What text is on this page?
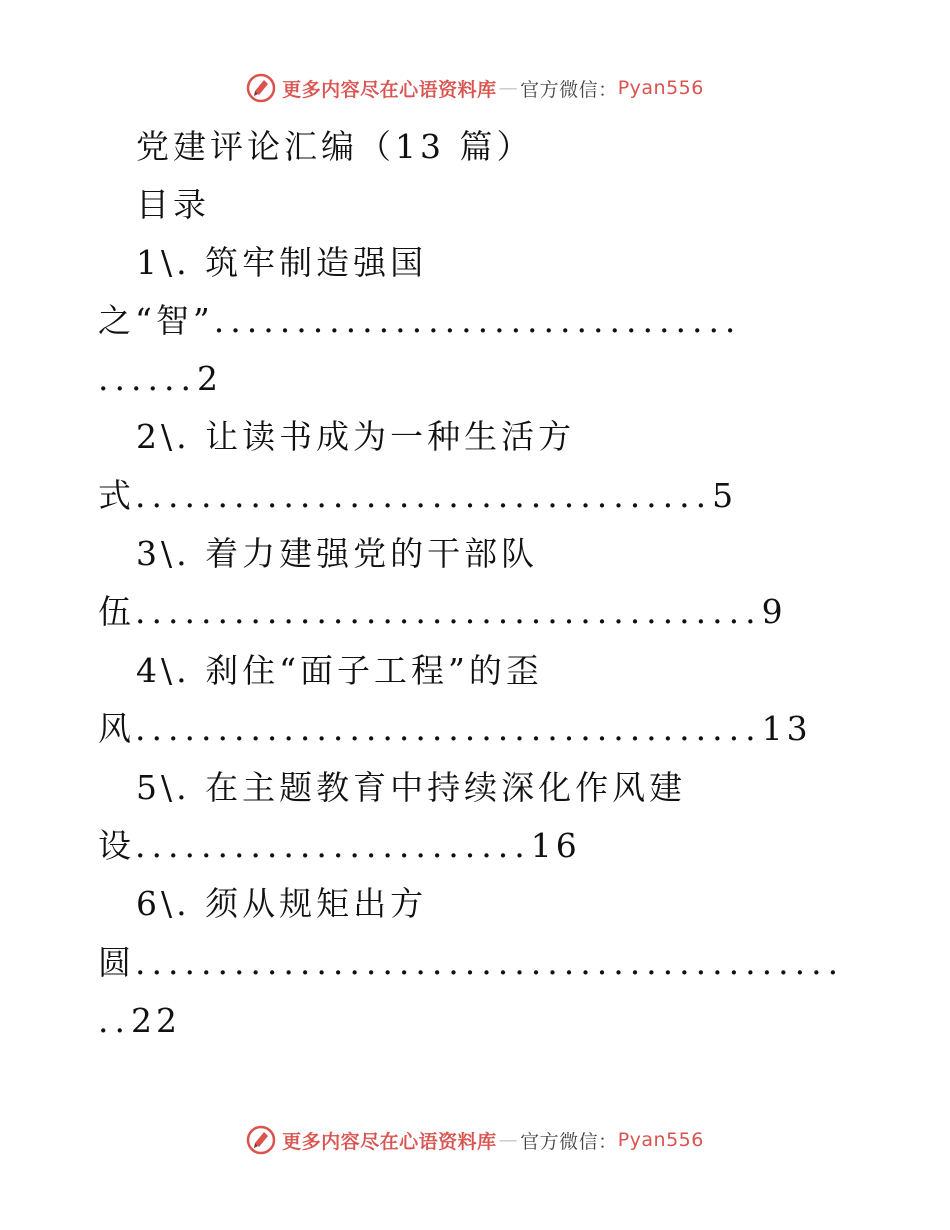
更多内容尽在心语资料库 — 官方微信： Pyan556
党建评论汇编（13 篇）
目录
1\. 筑牢制造强国
之“智”................................
......2
2\. 让读书成为一种生活方
式...................................5
3\. 着力建强党的干部队
伍......................................9
4\. 刹住“面子工程”的歪
风......................................13
5\. 在主题教育中持续深化作风建
设........................16
6\. 须从规矩出方
圆...........................................
..22
更多内容尽在心语资料库 — 官方微信： Pyan556
